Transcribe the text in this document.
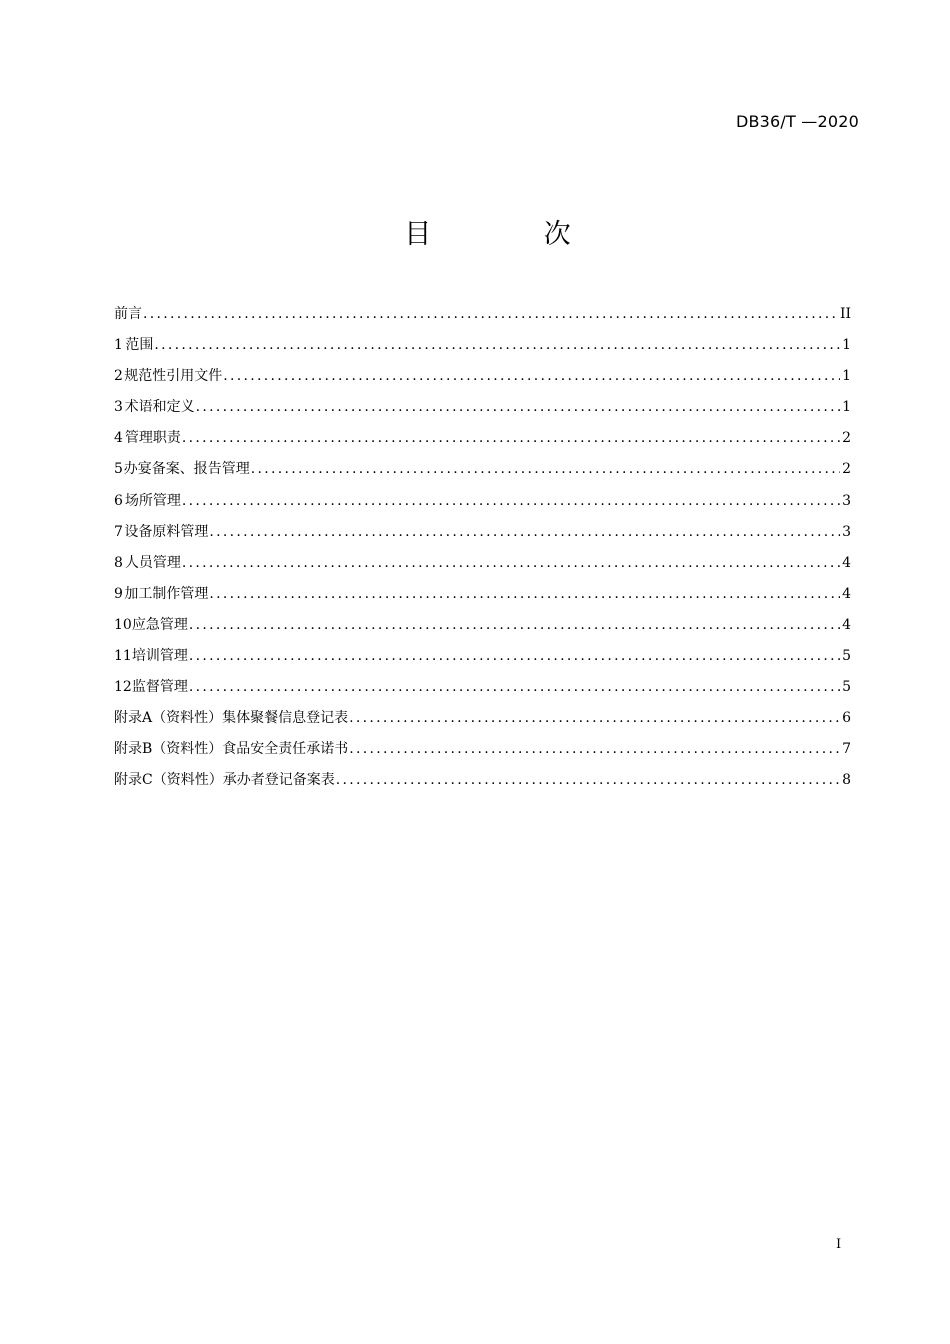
DB36/T —2020
目 次
前言 .....	II
1 范围 .....	1
2 规范性引用文件 .....	1
3 术语和定义 .....	1
4 管理职责 .....	2
5 办宴备案、报告管理 .....	2
6 场所管理 .....	3
7 设备原料管理 .....	3
8 人员管理 .....	4
9 加工制作管理 .....	4
10 应急管理 .....	4
11 培训管理 .....	5
12 监督管理 .....	5
附录A（资料性） 集体聚餐信息登记表 .....	6
附录B（资料性） 食品安全责任承诺书 .....	7
附录C（资料性） 承办者登记备案表 .....	8
I
